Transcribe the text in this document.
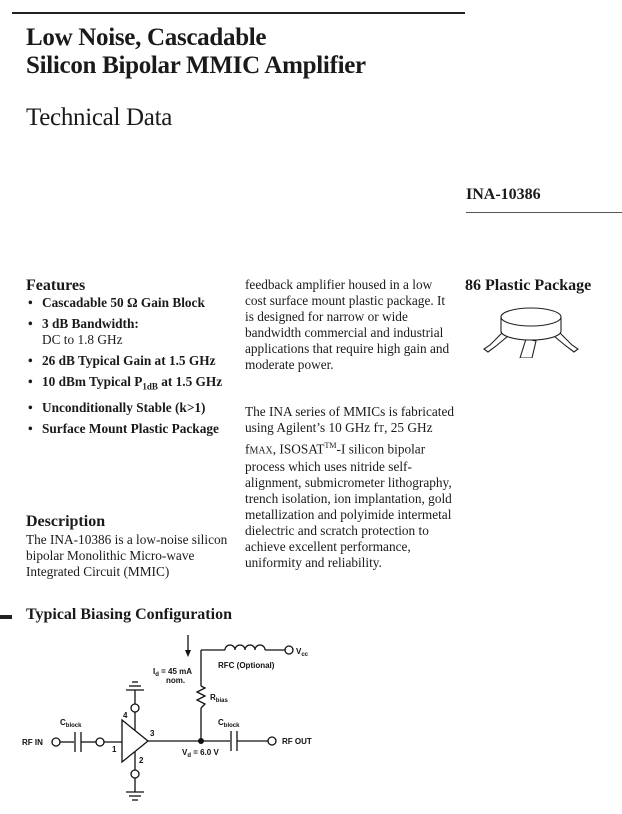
Low Noise, Cascadable
Silicon Bipolar MMIC Amplifier
Technical Data
INA-10386
86 Plastic Package
Features
• Cascadable 50 Ω Gain Block
• 3 dB Bandwidth:
DC to 1.8 GHz
• 26 dB Typical Gain at 1.5 GHz
• 10 dBm Typical $P_{1dB}$ at 1.5 GHz
• Unconditionally Stable (k>1)
• Surface Mount Plastic Package
Description
The INA-10386 is a low-noise silicon bipolar Monolithic Micro-wave Integrated Circuit (MMIC)
feedback amplifier housed in a low cost surface mount plastic package. It is designed for narrow or wide bandwidth commercial and industrial applications that require high gain and moderate power.
The INA series of MMICs is fabricated using Agilent’s 10 GHz fT, 25 GHz fMAX, ISOSAT™-I silicon bipolar process which uses nitride self-alignment, submicrometer lithography, trench isolation, ion implantation, gold metallization and polyimide intermetal dielectric and scratch protection to achieve excellent performance, uniformity and reliability.
Typical Biasing Configuration
$V_{cc}$
RFC (Optional)
$I_d = 45$ mA
nom.
$R_{bias}$
$C_{block}$	$C_{block}$
RF IN	RF OUT
$V_d = 6.0$ V
1
2
3
4
